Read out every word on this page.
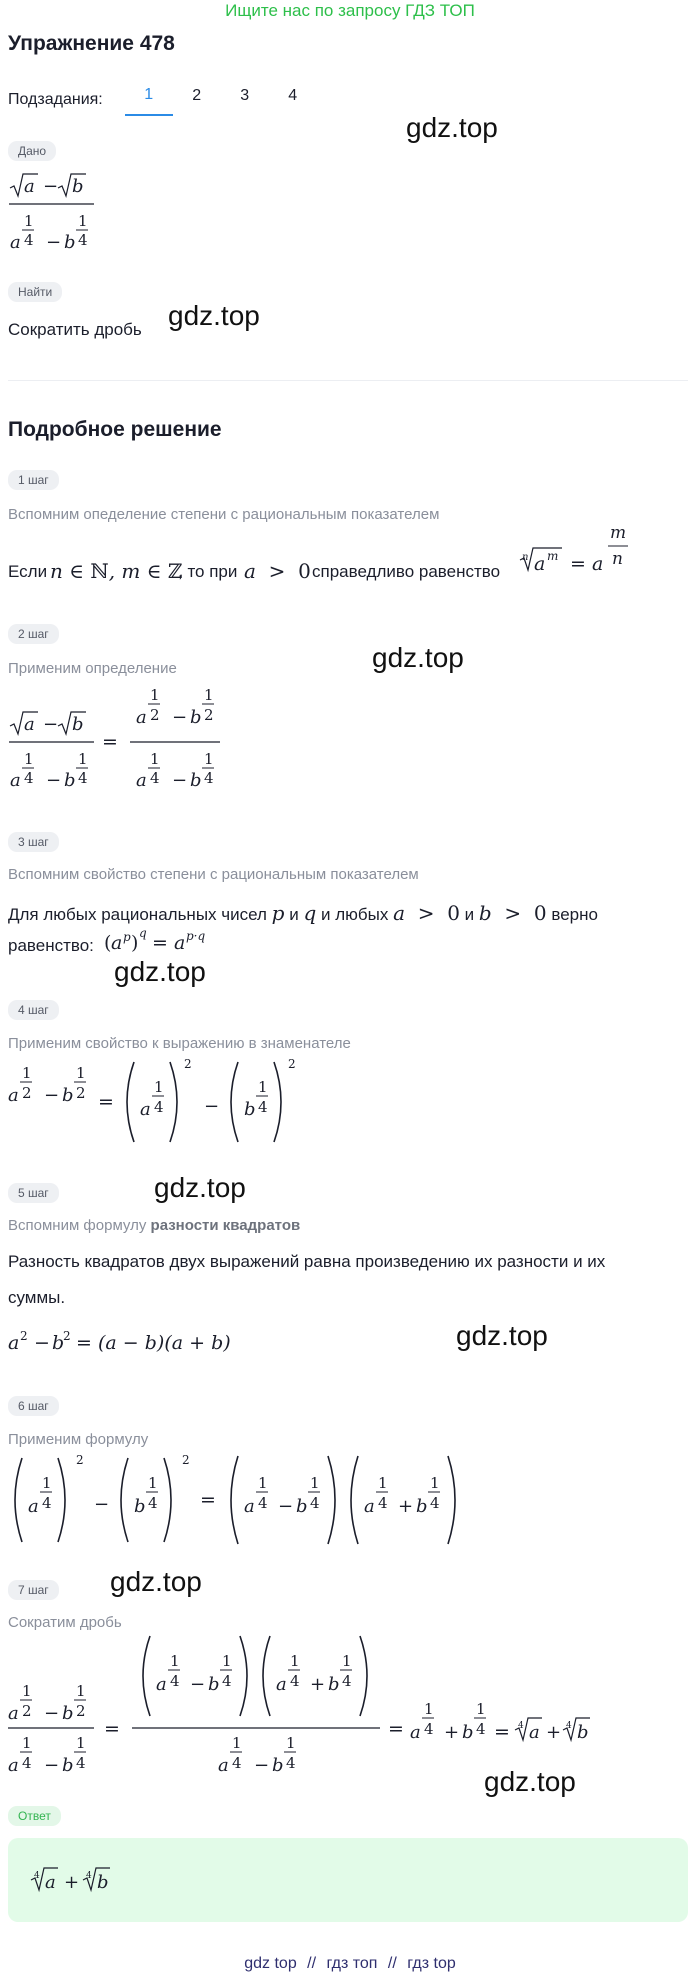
Ищите нас по запросу ГДЗ ТОП
Упражнение 478
Подзадания:	1	2	3	4
gdz.top
Дано
a − b
1
4
a − b
1
4
Найти
Сократить дробь gdz.top
Подробное решение
1 шаг
Вспомним опеделение степени с рациональным показателем
Если n ∈ ℕ, m ∈ ℤ
, то при a  >  0 справедливо равенство
n a m = a
m
n
2 шаг
Применим определение	gdz.top
a − b
1
4
a − b
1
4
=
1
2
a − b
1
2
1
4
a − b
1
4
3 шаг
Вспомним свойство степени с рациональным показателем
Для любых рациональных чисел p и q и любых a  >  0 и b  >  0 верно
равенство: ( a p ) q = a p·q
gdz.top
4 шаг
Применим свойство к выражению в знаменателе
1
2
a − b
1
2 = a
1
4
2
− b
1
4
2
5 шаг	gdz.top
Вспомним формулу разности квадратов
Разность квадратов двух выражений равна произведению их разности и их
суммы.
a 2 − b
2 = (a − b)(a + b)	gdz.top
6 шаг
Применим формулу
a
1
4
2
− b
1
4
2
= a
1
4 − b
1
4 a
1
4 + b
1
4
7 шаг	gdz.top
Сократим дробь
1
2
a − b
1
2
1
4
a − b
1
4
=
a
1
4 − b
1
4 a
1
4 + b
1
4
1
4
a − b
1
4
= a
1
4 + b
1
4 = 4 a + 4 b
gdz.top
Ответ
4 a + 4 b
gdz top // гдз топ // гдз top
